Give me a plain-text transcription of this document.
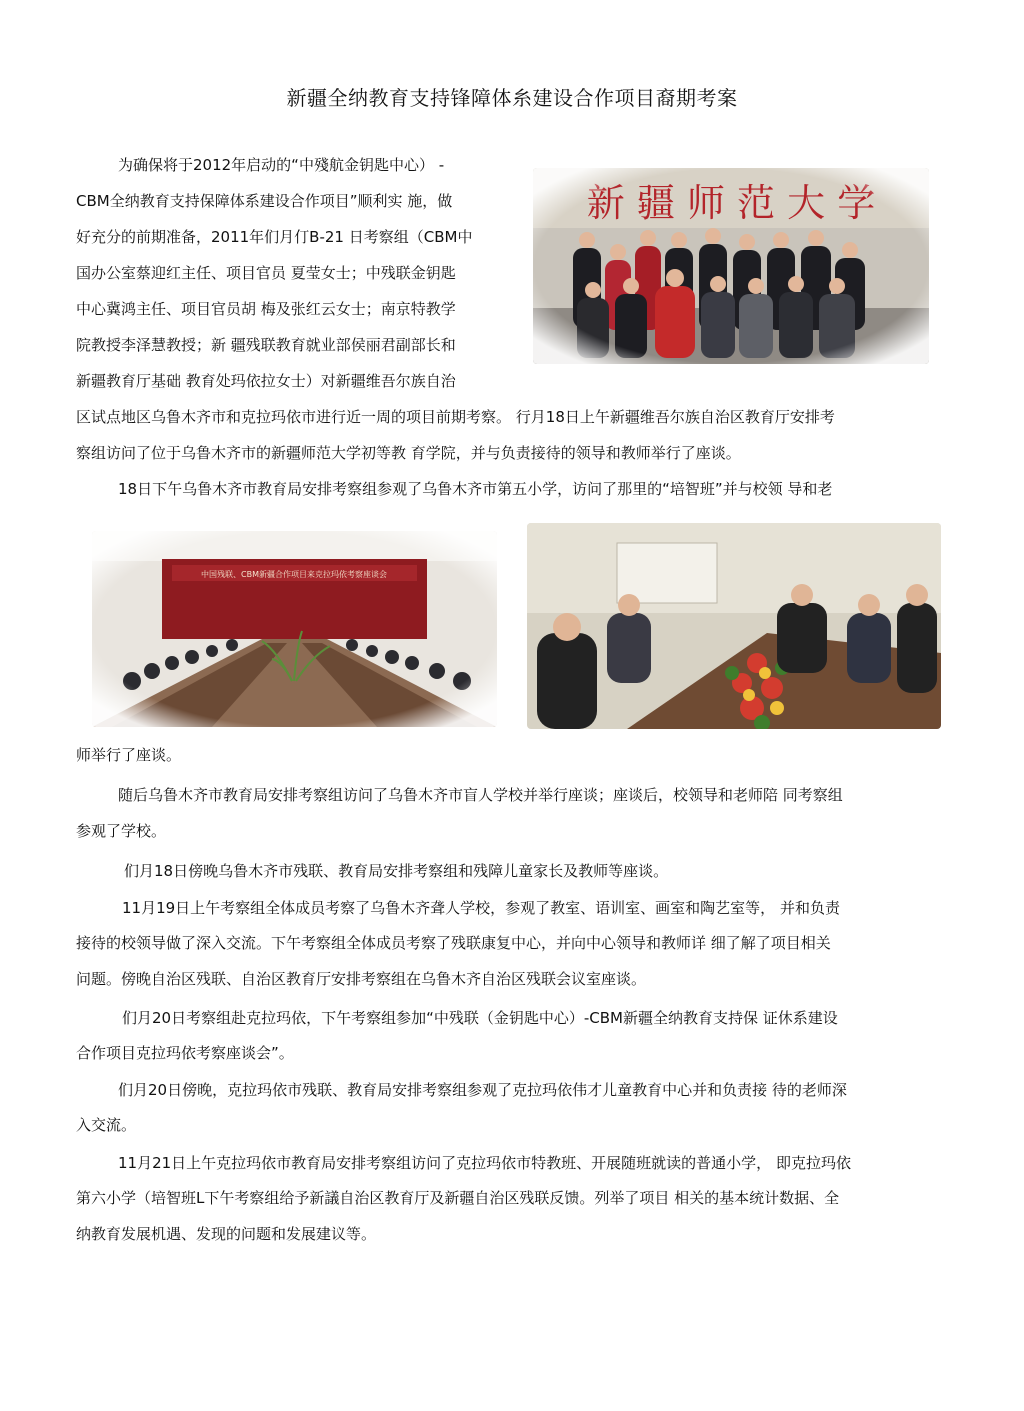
新疆全纳教育支持锋障体糸建设合作项目裔期考案

为确保将于2012年启动的“中殘航金钥匙中心） -

CBM全纳教育支持保障体系建设合作项目”顺利实 施，做

好充分的前期准备，2011年们月仃B-21 日考察组（CBM中

国办公室蔡迎红主任、项目官员 夏莹女士；中残联金钥匙

中心冀鸿主任、项目官员胡 梅及张红云女士；南京特教学

院教授李泽慧教授；新 疆残联教育就业部侯丽君副部长和

新疆教育厅基础 教育处玛依拉女士）对新疆维吾尔族自治

区试点地区乌鲁木齐市和克拉玛依市进行近一周的项目前期考察。 行月18日上午新疆维吾尔族自治区教育厅安排考

察组访问了位于乌鲁木齐市的新疆师范大学初等教 育学院，并与负责接待的领导和教师举行了座谈。

18日下午乌鲁木齐市教育局安排考察组参观了乌鲁木齐市第五小学，访问了那里的“培智班”并与校领 导和老

师举行了座谈。

随后乌鲁木齐市教育局安排考察组访问了乌鲁木齐市盲人学校并举行座谈；座谈后，校领导和老师陪 同考察组

参观了学校。

们月18日傍晚乌鲁木齐市残联、教育局安排考察组和残障儿童家长及教师等座谈。

11月19日上午考察组全体成员考察了乌鲁木齐聋人学校，参观了教室、语训室、画室和陶艺室等， 并和负责

接待的校领导做了深入交流。下午考察组全体成员考察了残联康复中心，并向中心领导和教师详 细了解了项目相关

问题。傍晚自治区残联、自治区教育厅安排考察组在乌鲁木齐自治区残联会议室座谈。

们月20日考察组赴克拉玛依，下午考察组参加“中残联（金钥匙中心）-CBM新疆全纳教育支持保 证休系建设

合作项目克拉玛依考察座谈会”。

们月20日傍晚，克拉玛依市残联、教育局安排考察组参观了克拉玛依伟才儿童教育中心并和负责接 待的老师深

入交流。

11月21日上午克拉玛依市教育局安排考察组访问了克拉玛依市特教班、开展随班就读的普通小学， 即克拉玛依

第六小学（培智班L下午考察组给予新議自治区教育厅及新疆自治区残联反馈。列举了项目 相关的基本统计数据、全

纳教育发展机遇、发现的问题和发展建议等。
